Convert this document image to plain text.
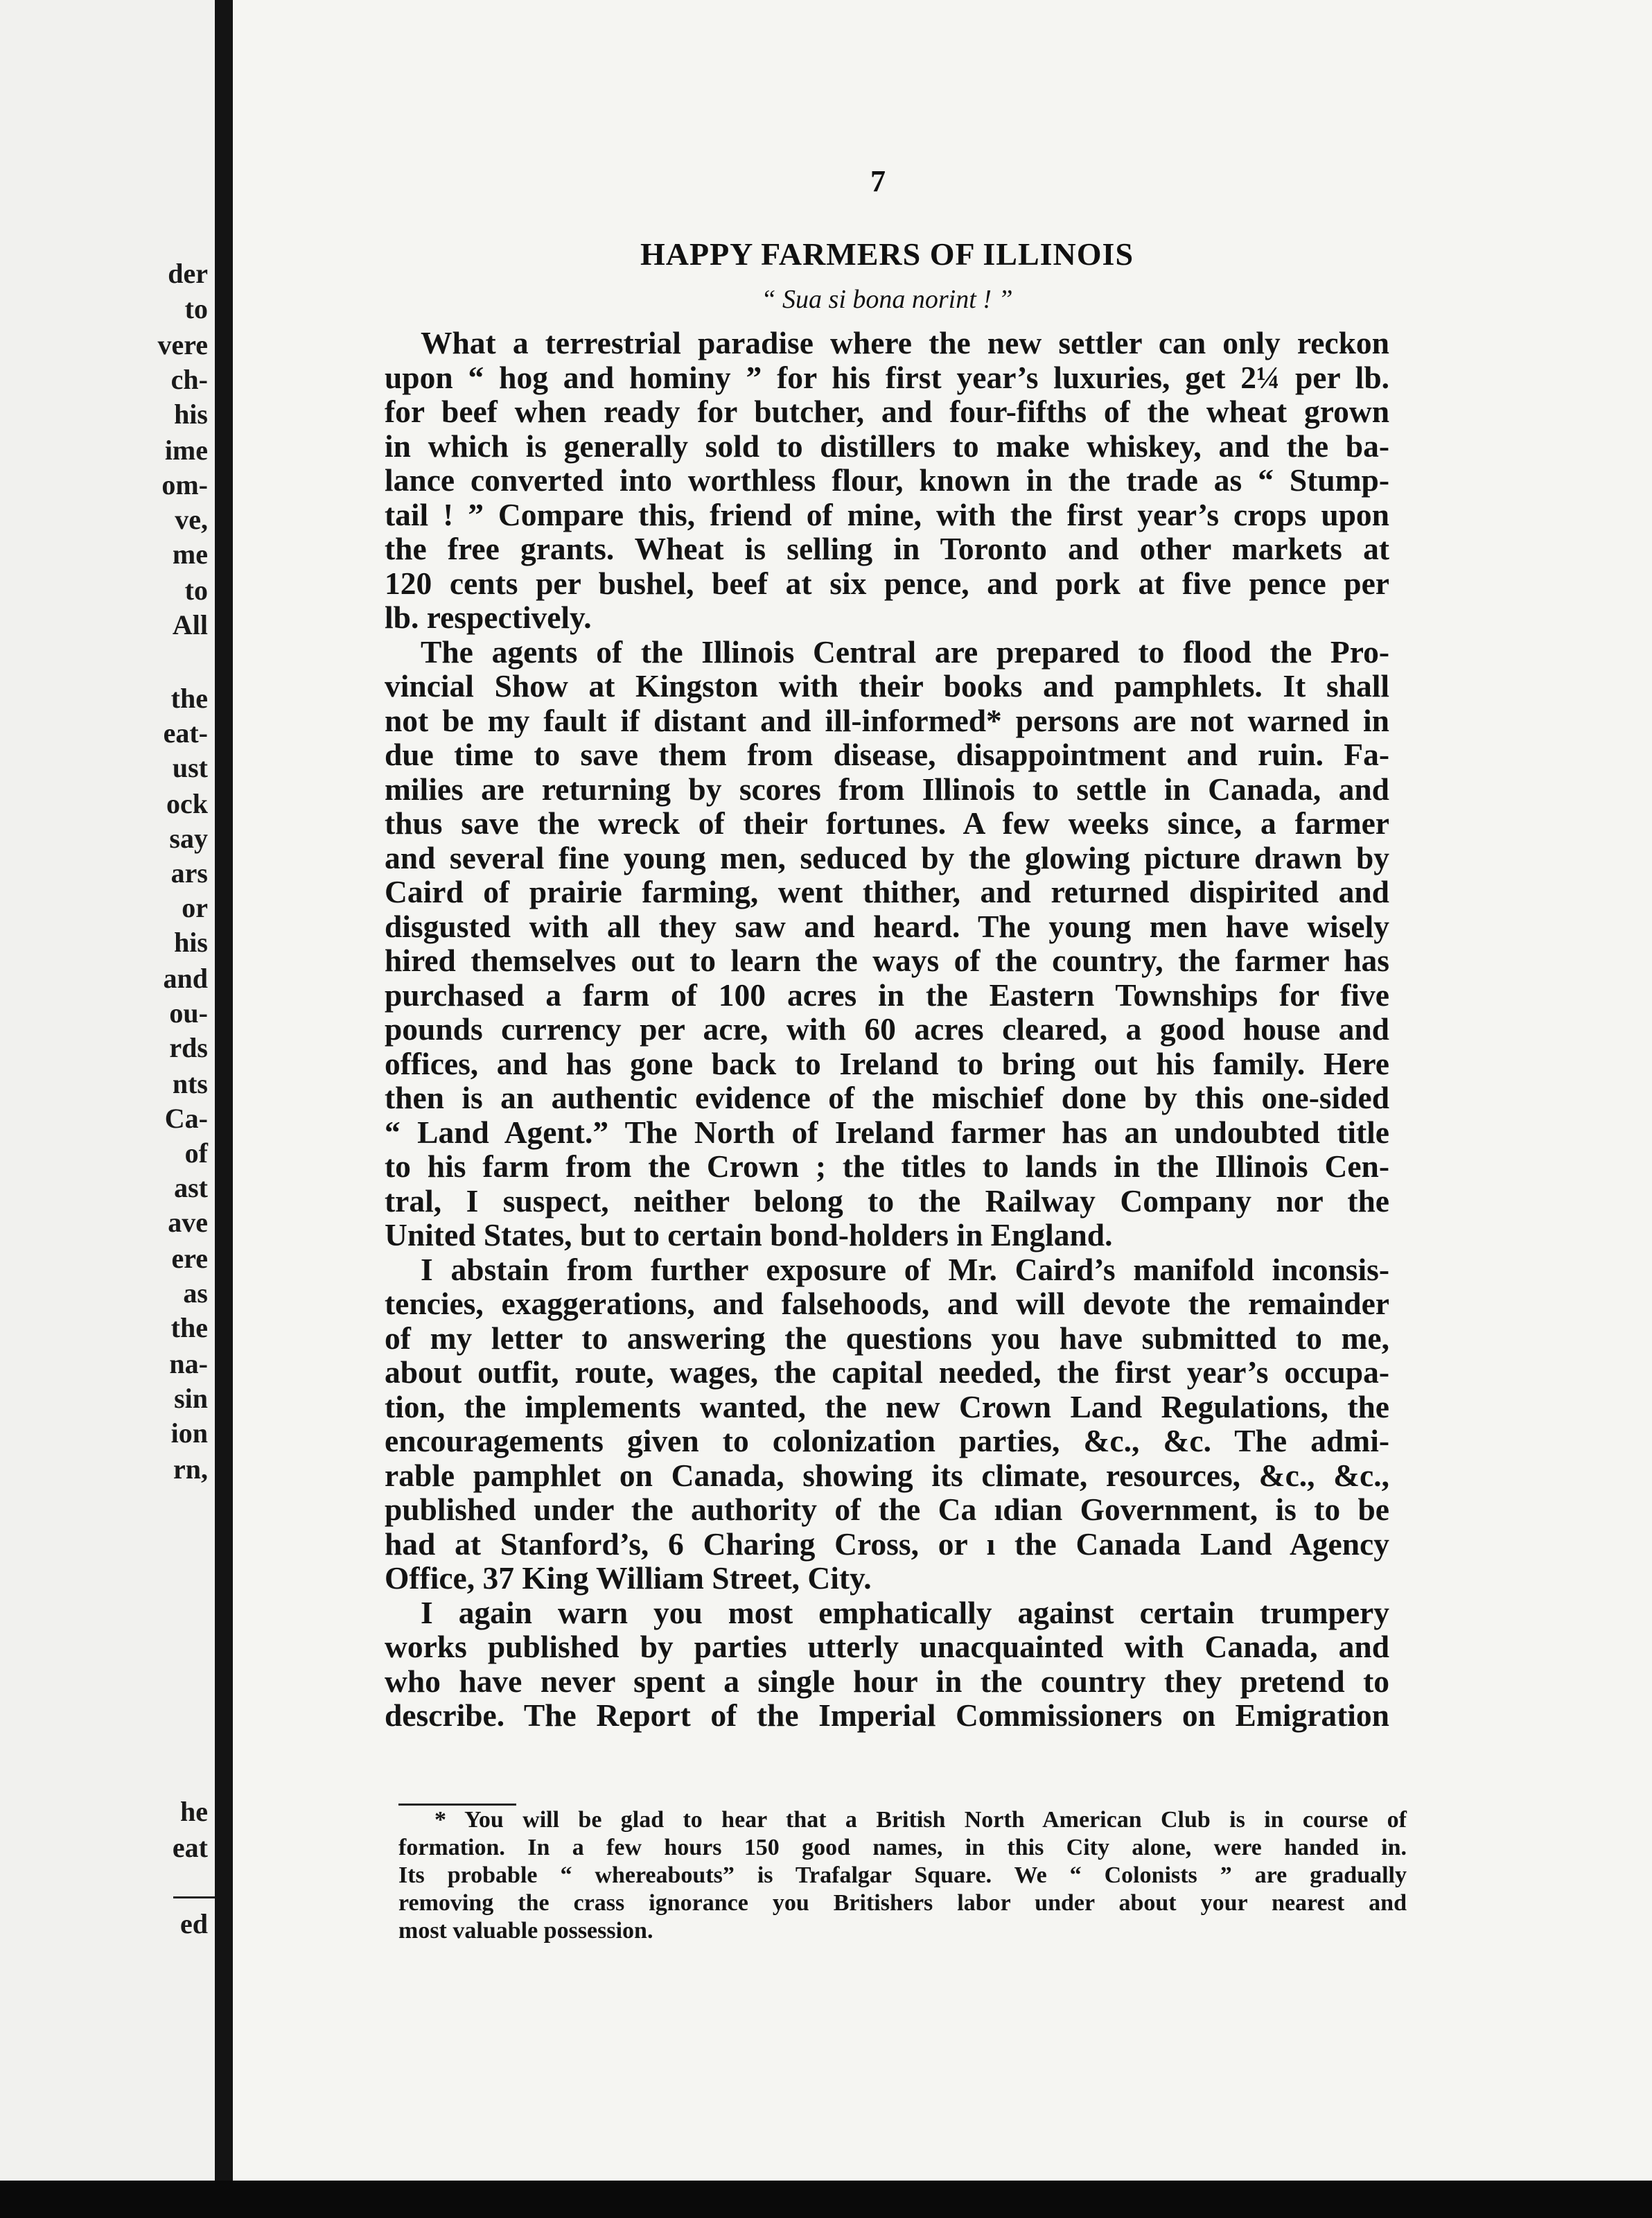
der
to
vere
ch-
his
ime
om-
ve,
me
to
All
the
eat-
ust
ock
say
ars
or
his
and
ou-
rds
nts
Ca-
of
ast
ave
ere
as
the
na-
sin
ion
rn,
he
eat
ed
7
HAPPY FARMERS OF ILLINOIS
“ Sua si bona norint ! ”
What a terrestrial paradise where the new settler can only reckon
upon “ hog and hominy ” for his first year’s luxuries, get 2¼ per lb.
for beef when ready for butcher, and four-fifths of the wheat grown
in which is generally sold to distillers to make whiskey, and the ba-
lance converted into worthless flour, known in the trade as “ Stump-
tail ! ” Compare this, friend of mine, with the first year’s crops upon
the free grants. Wheat is selling in Toronto and other markets at
120 cents per bushel, beef at six pence, and pork at five pence per
lb. respectively.
The agents of the Illinois Central are prepared to flood the Pro-
vincial Show at Kingston with their books and pamphlets. It shall
not be my fault if distant and ill-informed* persons are not warned in
due time to save them from disease, disappointment and ruin. Fa-
milies are returning by scores from Illinois to settle in Canada, and
thus save the wreck of their fortunes. A few weeks since, a farmer
and several fine young men, seduced by the glowing picture drawn by
Caird of prairie farming, went thither, and returned dispirited and
disgusted with all they saw and heard. The young men have wisely
hired themselves out to learn the ways of the country, the farmer has
purchased a farm of 100 acres in the Eastern Townships for five
pounds currency per acre, with 60 acres cleared, a good house and
offices, and has gone back to Ireland to bring out his family. Here
then is an authentic evidence of the mischief done by this one-sided
“ Land Agent.” The North of Ireland farmer has an undoubted title
to his farm from the Crown ; the titles to lands in the Illinois Cen-
tral, I suspect, neither belong to the Railway Company nor the
United States, but to certain bond-holders in England.
I abstain from further exposure of Mr. Caird’s manifold inconsis-
tencies, exaggerations, and falsehoods, and will devote the remainder
of my letter to answering the questions you have submitted to me,
about outfit, route, wages, the capital needed, the first year’s occupa-
tion, the implements wanted, the new Crown Land Regulations, the
encouragements given to colonization parties, &c., &c. The admi-
rable pamphlet on Canada, showing its climate, resources, &c., &c.,
published under the authority of the Ca ıdian Government, is to be
had at Stanford’s, 6 Charing Cross, or ı the Canada Land Agency
Office, 37 King William Street, City.
I again warn you most emphatically against certain trumpery
works published by parties utterly unacquainted with Canada, and
who have never spent a single hour in the country they pretend to
describe. The Report of the Imperial Commissioners on Emigration
* You will be glad to hear that a British North American Club is in course of
formation. In a few hours 150 good names, in this City alone, were handed in.
Its probable “ whereabouts” is Trafalgar Square. We “ Colonists ” are gradually
removing the crass ignorance you Britishers labor under about your nearest and
most valuable possession.
